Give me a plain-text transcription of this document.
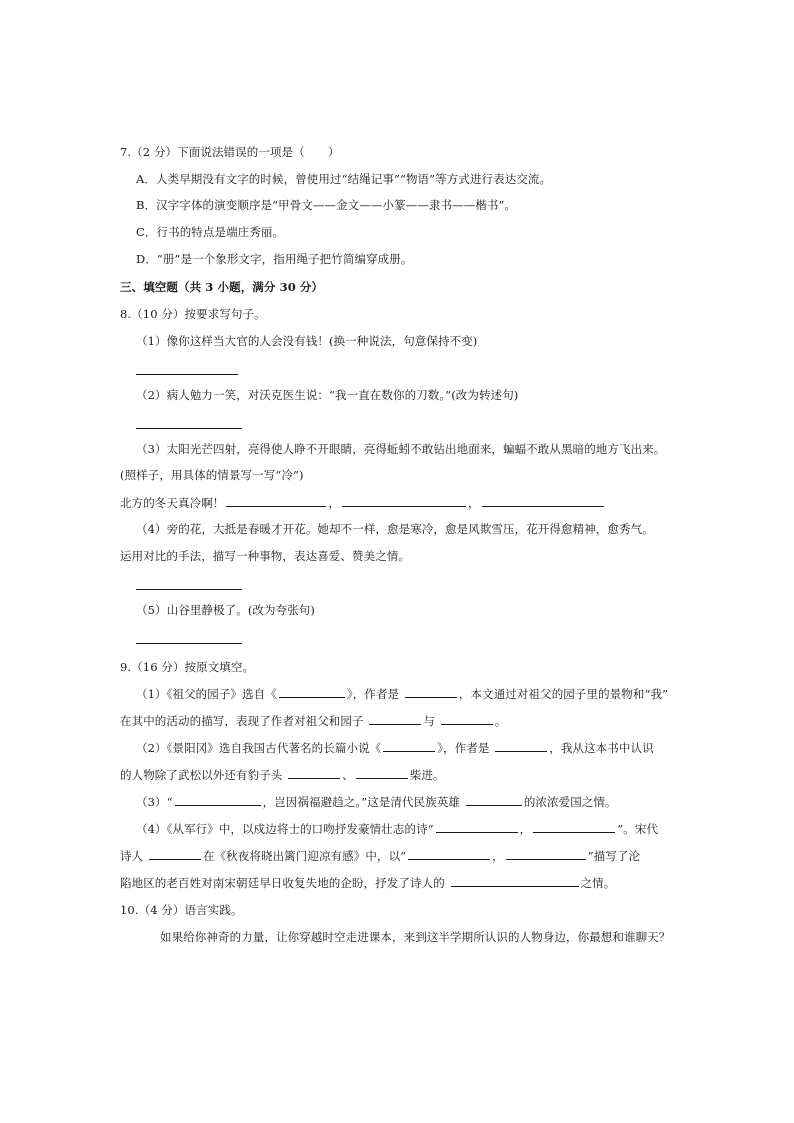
7.（2 分）下面说法错误的一项是（　　）
A．人类早期没有文字的时候，曾使用过“结绳记事”“物语”等方式进行表达交流。
B．汉字字体的演变顺序是“甲骨文——金文——小篆——隶书——楷书”。
C．行书的特点是端庄秀丽。
D．“册”是一个象形文字，指用绳子把竹简编穿成册。
三、填空题（共 3 小题，满分 30 分）
8.（10 分）按要求写句子。
（1）像你这样当大官的人会没有钱！(换一种说法，句意保持不变)
（2）病人勉力一笑，对沃克医生说：“我一直在数你的刀数。”(改为转述句)
（3）太阳光芒四射，亮得使人睁不开眼睛，亮得蚯蚓不敢钻出地面来，蝙蝠不敢从黑暗的地方飞出来。
(照样子，用具体的情景写一写“冷”)
北方的冬天真冷啊！	，	，
（4）旁的花，大抵是春暖才开花。她却不一样，愈是寒冷，愈是风欺雪压，花开得愈精神，愈秀气。
运用对比的手法，描写一种事物，表达喜爱、赞美之情。
（5）山谷里静极了。(改为夸张句)
9.（16 分）按原文填空。
（1）《祖父的园子》选自《	》，作者是	，本文通过对祖父的园子里的景物和“我”
在其中的活动的描写，表现了作者对祖父和园子	与	。
（2）《景阳冈》选自我国古代著名的长篇小说《	》，作者是	，我从这本书中认识
的人物除了武松以外还有豹子头	、	柴进。
（3）“	，岂因祸福避趋之。”这是清代民族英雄	的浓浓爱国之情。
（4）《从军行》中，以戍边将士的口吻抒发豪情壮志的诗“	，	”。宋代
诗人	在《秋夜将晓出篱门迎凉有感》中，以“	，	”描写了沦
陷地区的老百姓对南宋朝廷早日收复失地的企盼，抒发了诗人的	之情。
10.（4 分）语言实践。
如果给你神奇的力量，让你穿越时空走进课本，来到这半学期所认识的人物身边，你最想和谁聊天？
